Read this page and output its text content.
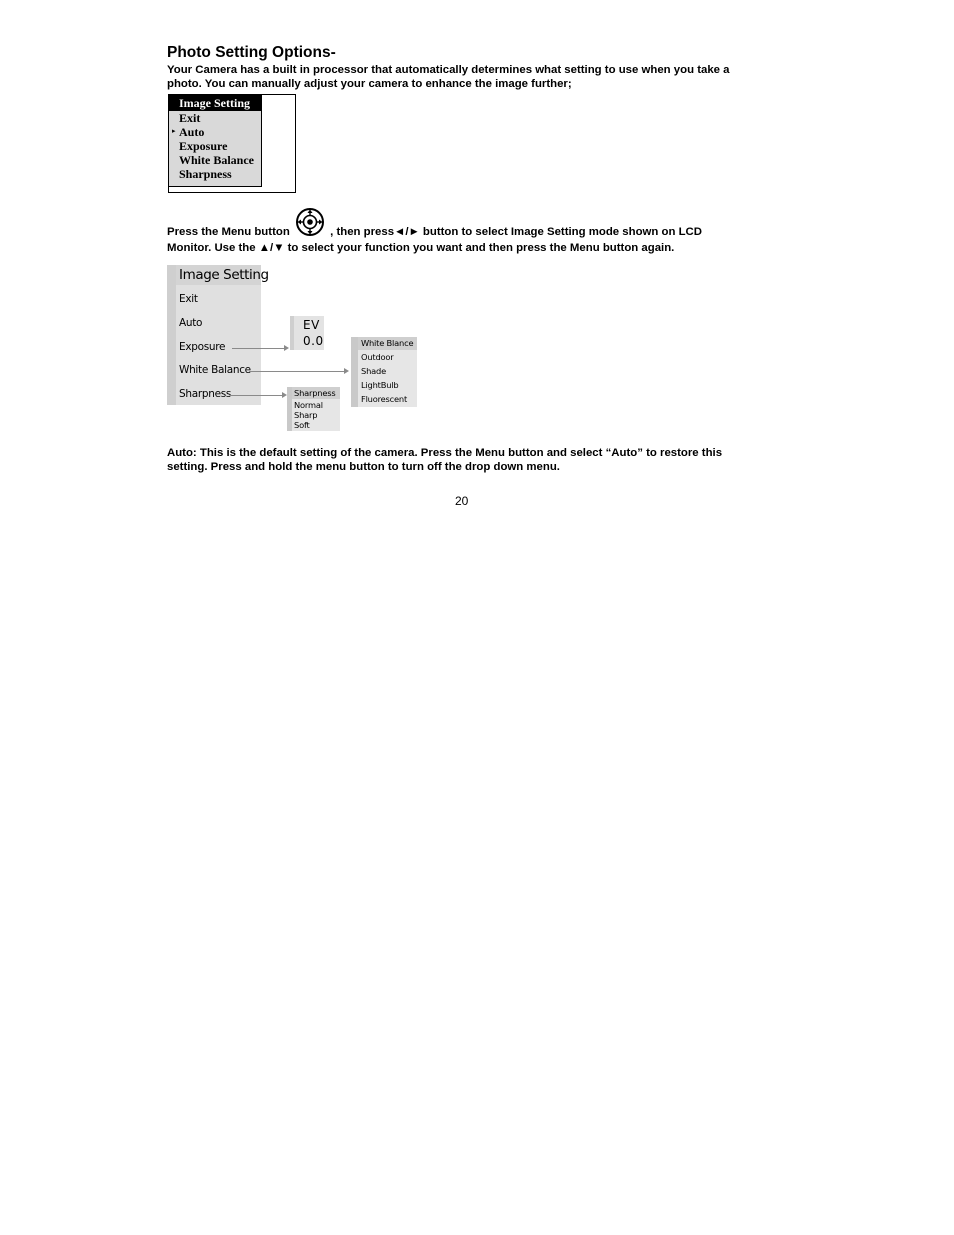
Photo Setting Options-
Your Camera has a built in processor that automatically determines what setting to use when you take a
photo. You can manually adjust your camera to enhance the image further;
Image Setting
Exit
▸ Auto
Exposure
White Balance
Sharpness
Press the Menu button	, then press◄/► button to select Image Setting mode shown on LCD
Monitor. Use the ▲/▼ to select your function you want and then press the Menu button again.
Image Setting
Exit
Auto
Exposure
White Balance
Sharpness
EV
0.0	White Blance
Outdoor
Shade
LightBulb
Fluorescent
Sharpness
Normal
Sharp
Soft
Auto: This is the default setting of the camera. Press the Menu button and select “Auto” to restore this
setting. Press and hold the menu button to turn off the drop down menu.
20
